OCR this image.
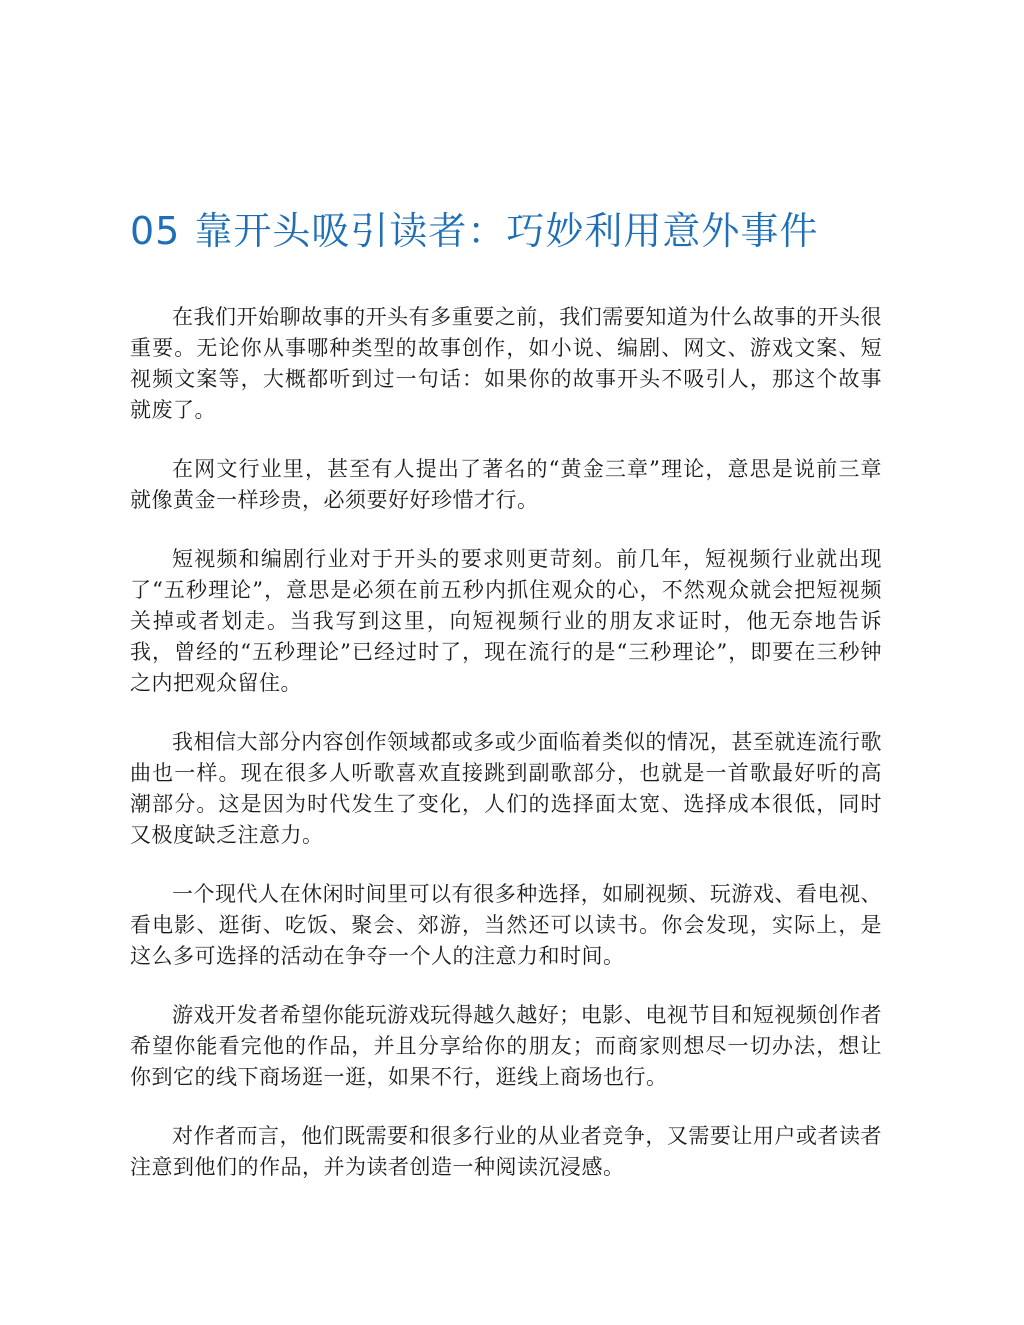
05 靠开头吸引读者：巧妙利用意外事件

在我们开始聊故事的开头有多重要之前，我们需要知道为什么故事的开头很重要。无论你从事哪种类型的故事创作，如小说、编剧、网文、游戏文案、短视频文案等，大概都听到过一句话：如果你的故事开头不吸引人，那这个故事就废了。

在网文行业里，甚至有人提出了著名的“黄金三章”理论，意思是说前三章就像黄金一样珍贵，必须要好好珍惜才行。

短视频和编剧行业对于开头的要求则更苛刻。前几年，短视频行业就出现了“五秒理论”，意思是必须在前五秒内抓住观众的心，不然观众就会把短视频关掉或者划走。当我写到这里，向短视频行业的朋友求证时，他无奈地告诉我，曾经的“五秒理论”已经过时了，现在流行的是“三秒理论”，即要在三秒钟之内把观众留住。

我相信大部分内容创作领域都或多或少面临着类似的情况，甚至就连流行歌曲也一样。现在很多人听歌喜欢直接跳到副歌部分，也就是一首歌最好听的高潮部分。这是因为时代发生了变化，人们的选择面太宽、选择成本很低，同时又极度缺乏注意力。

一个现代人在休闲时间里可以有很多种选择，如刷视频、玩游戏、看电视、看电影、逛街、吃饭、聚会、郊游，当然还可以读书。你会发现，实际上，是这么多可选择的活动在争夺一个人的注意力和时间。

游戏开发者希望你能玩游戏玩得越久越好；电影、电视节目和短视频创作者希望你能看完他的作品，并且分享给你的朋友；而商家则想尽一切办法，想让你到它的线下商场逛一逛，如果不行，逛线上商场也行。

对作者而言，他们既需要和很多行业的从业者竞争，又需要让用户或者读者注意到他们的作品，并为读者创造一种阅读沉浸感。
